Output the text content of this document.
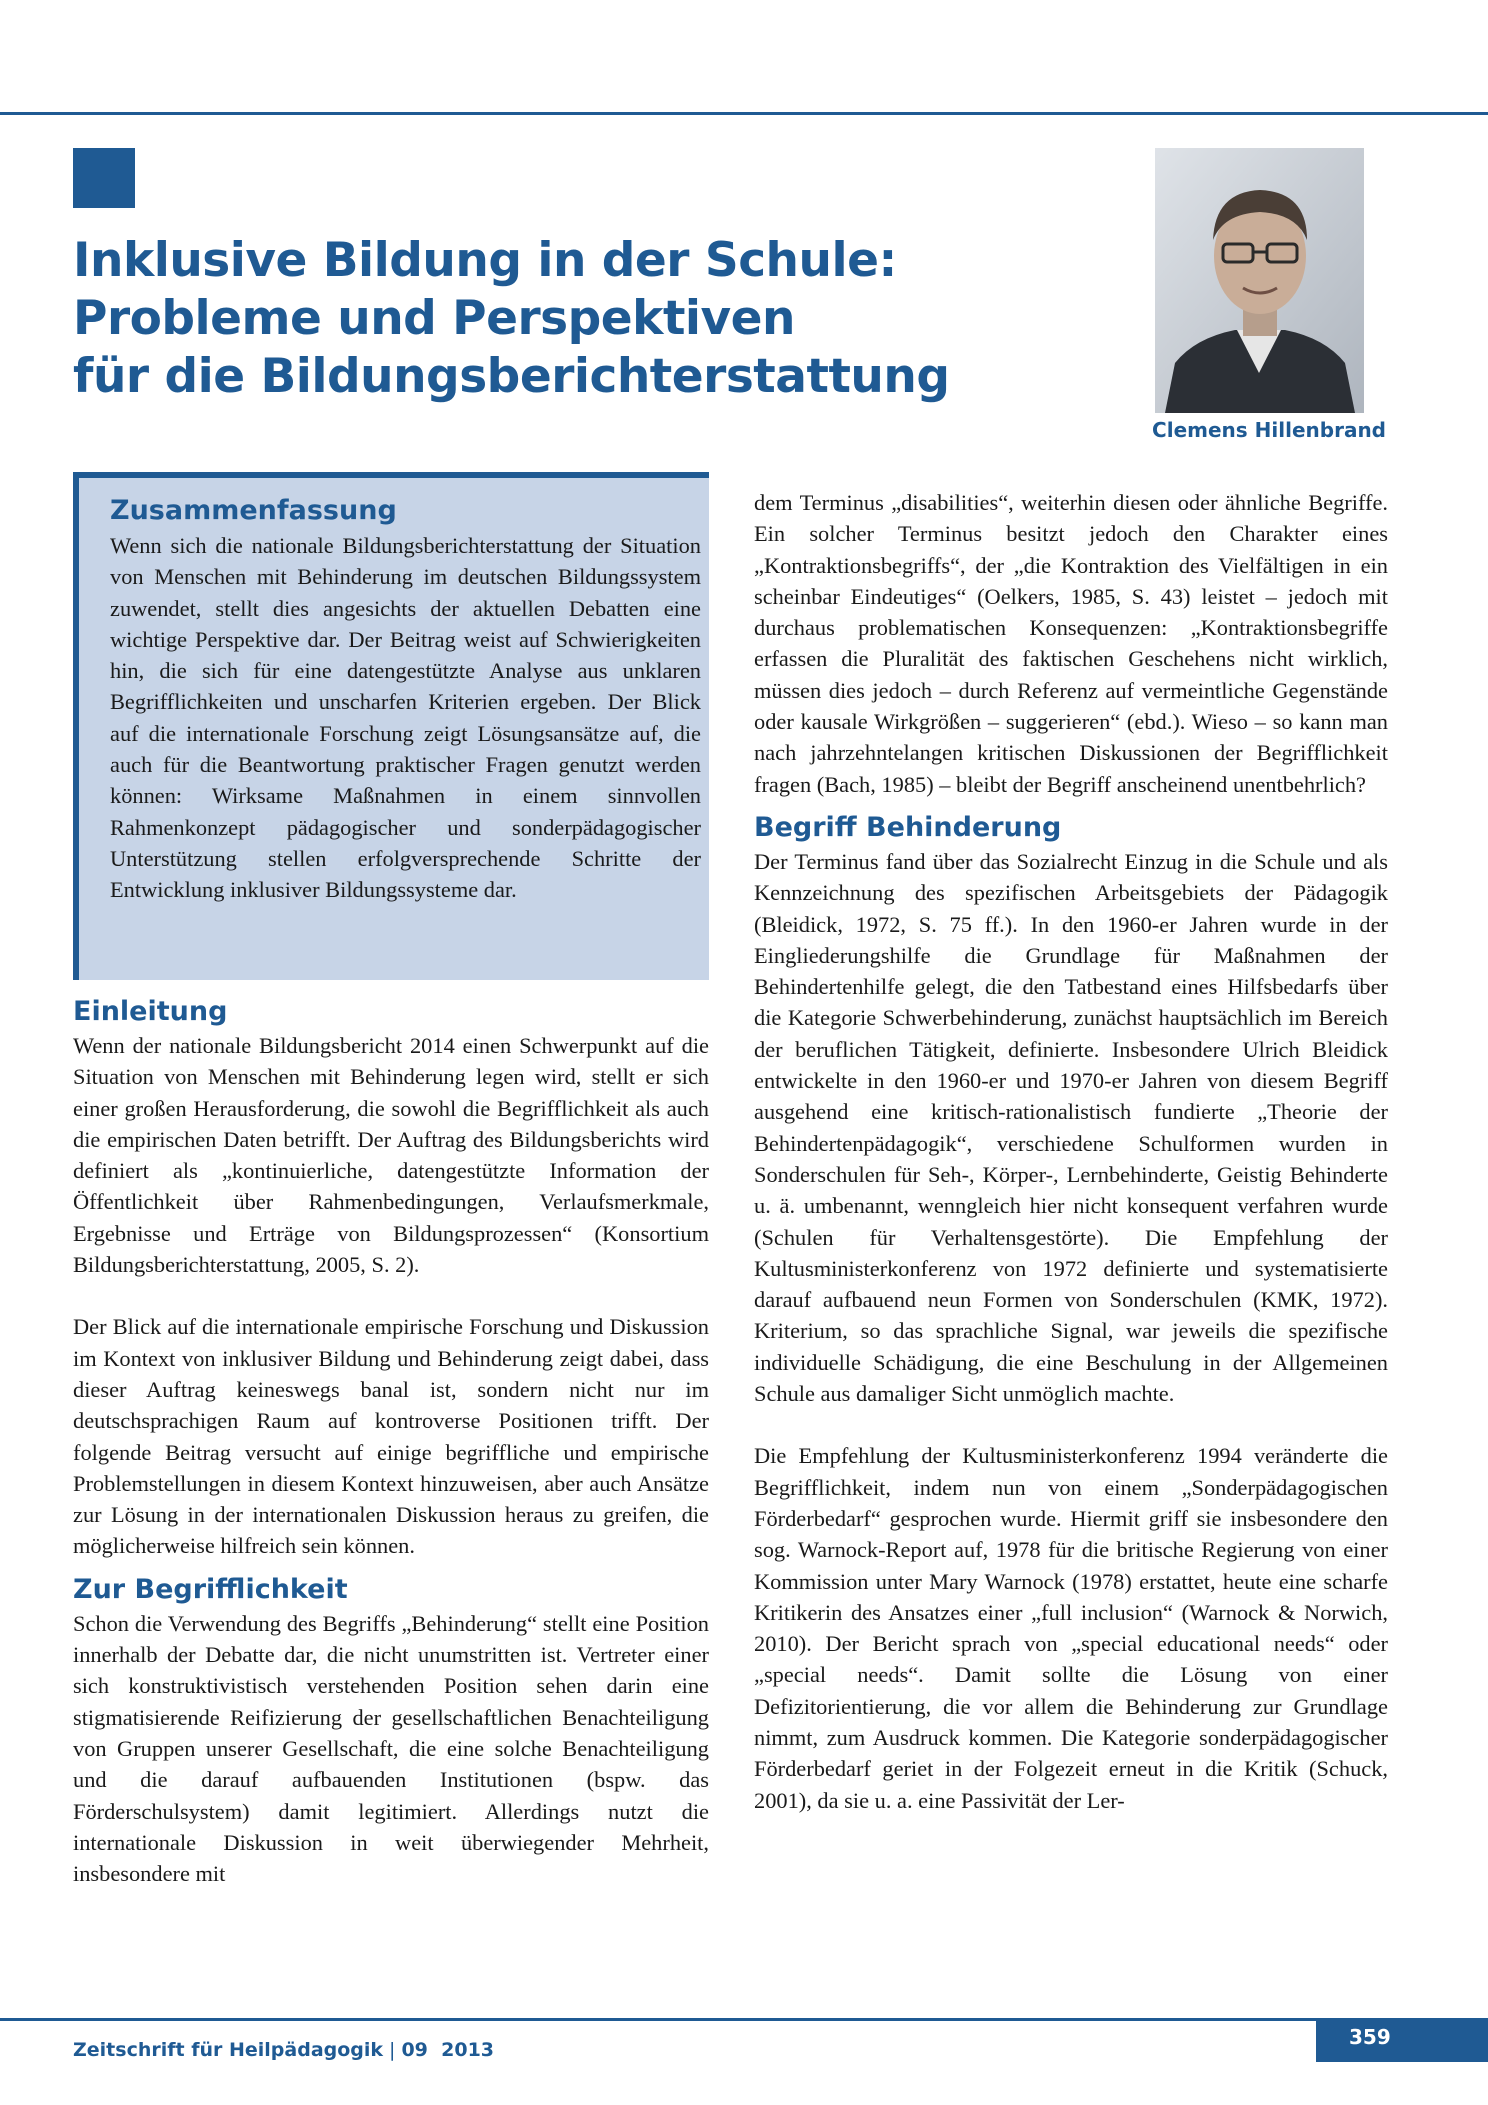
Inklusive Bildung in der Schule:
Probleme und Perspektiven
für die Bildungsberichterstattung
Clemens Hillenbrand
Zusammenfassung

Wenn sich die nationale Bildungsberichterstattung der Situation von Menschen mit Behinderung im deutschen Bildungssystem zuwendet, stellt dies angesichts der aktuellen Debatten eine wichtige Perspektive dar. Der Beitrag weist auf Schwierigkeiten hin, die sich für eine datengestützte Analyse aus unklaren Begrifflichkeiten und unscharfen Kriterien ergeben. Der Blick auf die internationale Forschung zeigt Lösungsansätze auf, die auch für die Beantwortung praktischer Fragen genutzt werden können: Wirksame Maßnahmen in einem sinnvollen Rahmenkonzept pädagogischer und sonderpädagogischer Unterstützung stellen erfolgversprechende Schritte der Entwicklung inklusiver Bildungssysteme dar.

Einleitung

Wenn der nationale Bildungsbericht 2014 einen Schwerpunkt auf die Situation von Menschen mit Behinderung legen wird, stellt er sich einer großen Herausforderung, die sowohl die Begrifflichkeit als auch die empirischen Daten betrifft. Der Auftrag des Bildungsberichts wird definiert als „kontinuierliche, datengestützte Information der Öffentlichkeit über Rahmenbedingungen, Verlaufsmerkmale, Ergebnisse und Erträge von Bildungsprozessen“ (Konsortium Bildungsberichterstattung, 2005, S. 2).

Der Blick auf die internationale empirische Forschung und Diskussion im Kontext von inklusiver Bildung und Behinderung zeigt dabei, dass dieser Auftrag keineswegs banal ist, sondern nicht nur im deutschsprachigen Raum auf kontroverse Positionen trifft. Der folgende Beitrag versucht auf einige begriffliche und empirische Problemstellungen in diesem Kontext hinzuweisen, aber auch Ansätze zur Lösung in der internationalen Diskussion heraus zu greifen, die möglicherweise hilfreich sein können.

Zur Begrifflichkeit

Schon die Verwendung des Begriffs „Behinderung“ stellt eine Position innerhalb der Debatte dar, die nicht unumstritten ist. Vertreter einer sich konstruktivistisch verstehenden Position sehen darin eine stigmatisierende Reifizierung der gesellschaftlichen Benachteiligung von Gruppen unserer Gesellschaft, die eine solche Benachteiligung und die darauf aufbauenden Institutionen (bspw. das Förderschulsystem) damit legitimiert. Allerdings nutzt die internationale Diskussion in weit überwiegender Mehrheit, insbesondere mit

dem Terminus „disabilities“, weiterhin diesen oder ähnliche Begriffe. Ein solcher Terminus besitzt jedoch den Charakter eines „Kontraktionsbegriffs“, der „die Kontraktion des Vielfältigen in ein scheinbar Eindeutiges“ (Oelkers, 1985, S. 43) leistet – jedoch mit durchaus problematischen Konsequenzen: „Kontraktionsbegriffe erfassen die Pluralität des faktischen Geschehens nicht wirklich, müssen dies jedoch – durch Referenz auf vermeintliche Gegenstände oder kausale Wirkgrößen – suggerieren“ (ebd.). Wieso – so kann man nach jahrzehntelangen kritischen Diskussionen der Begrifflichkeit fragen (Bach, 1985) – bleibt der Begriff anscheinend unentbehrlich?

Begriff Behinderung

Der Terminus fand über das Sozialrecht Einzug in die Schule und als Kennzeichnung des spezifischen Arbeitsgebiets der Pädagogik (Bleidick, 1972, S. 75 ff.). In den 1960-er Jahren wurde in der Eingliederungshilfe die Grundlage für Maßnahmen der Behindertenhilfe gelegt, die den Tatbestand eines Hilfsbedarfs über die Kategorie Schwerbehinderung, zunächst hauptsächlich im Bereich der beruflichen Tätigkeit, definierte. Insbesondere Ulrich Bleidick entwickelte in den 1960-er und 1970-er Jahren von diesem Begriff ausgehend eine kritisch-rationalistisch fundierte „Theorie der Behindertenpädagogik“, verschiedene Schulformen wurden in Sonderschulen für Seh-, Körper-, Lernbehinderte, Geistig Behinderte u. ä. umbenannt, wenngleich hier nicht konsequent verfahren wurde (Schulen für Verhaltensgestörte). Die Empfehlung der Kultusministerkonferenz von 1972 definierte und systematisierte darauf aufbauend neun Formen von Sonderschulen (KMK, 1972). Kriterium, so das sprachliche Signal, war jeweils die spezifische individuelle Schädigung, die eine Beschulung in der Allgemeinen Schule aus damaliger Sicht unmöglich machte.

Die Empfehlung der Kultusministerkonferenz 1994 veränderte die Begrifflichkeit, indem nun von einem „Sonderpädagogischen Förderbedarf“ gesprochen wurde. Hiermit griff sie insbesondere den sog. Warnock-Report auf, 1978 für die britische Regierung von einer Kommission unter Mary Warnock (1978) erstattet, heute eine scharfe Kritikerin des Ansatzes einer „full inclusion“ (Warnock & Norwich, 2010). Der Bericht sprach von „special educational needs“ oder „special needs“. Damit sollte die Lösung von einer Defizitorientierung, die vor allem die Behinderung zur Grundlage nimmt, zum Ausdruck kommen. Die Kategorie sonderpädagogischer Förderbedarf geriet in der Folgezeit erneut in die Kritik (Schuck, 2001), da sie u. a. eine Passivität der Ler-

Zeitschrift für Heilpädagogik | 09  2013
359
